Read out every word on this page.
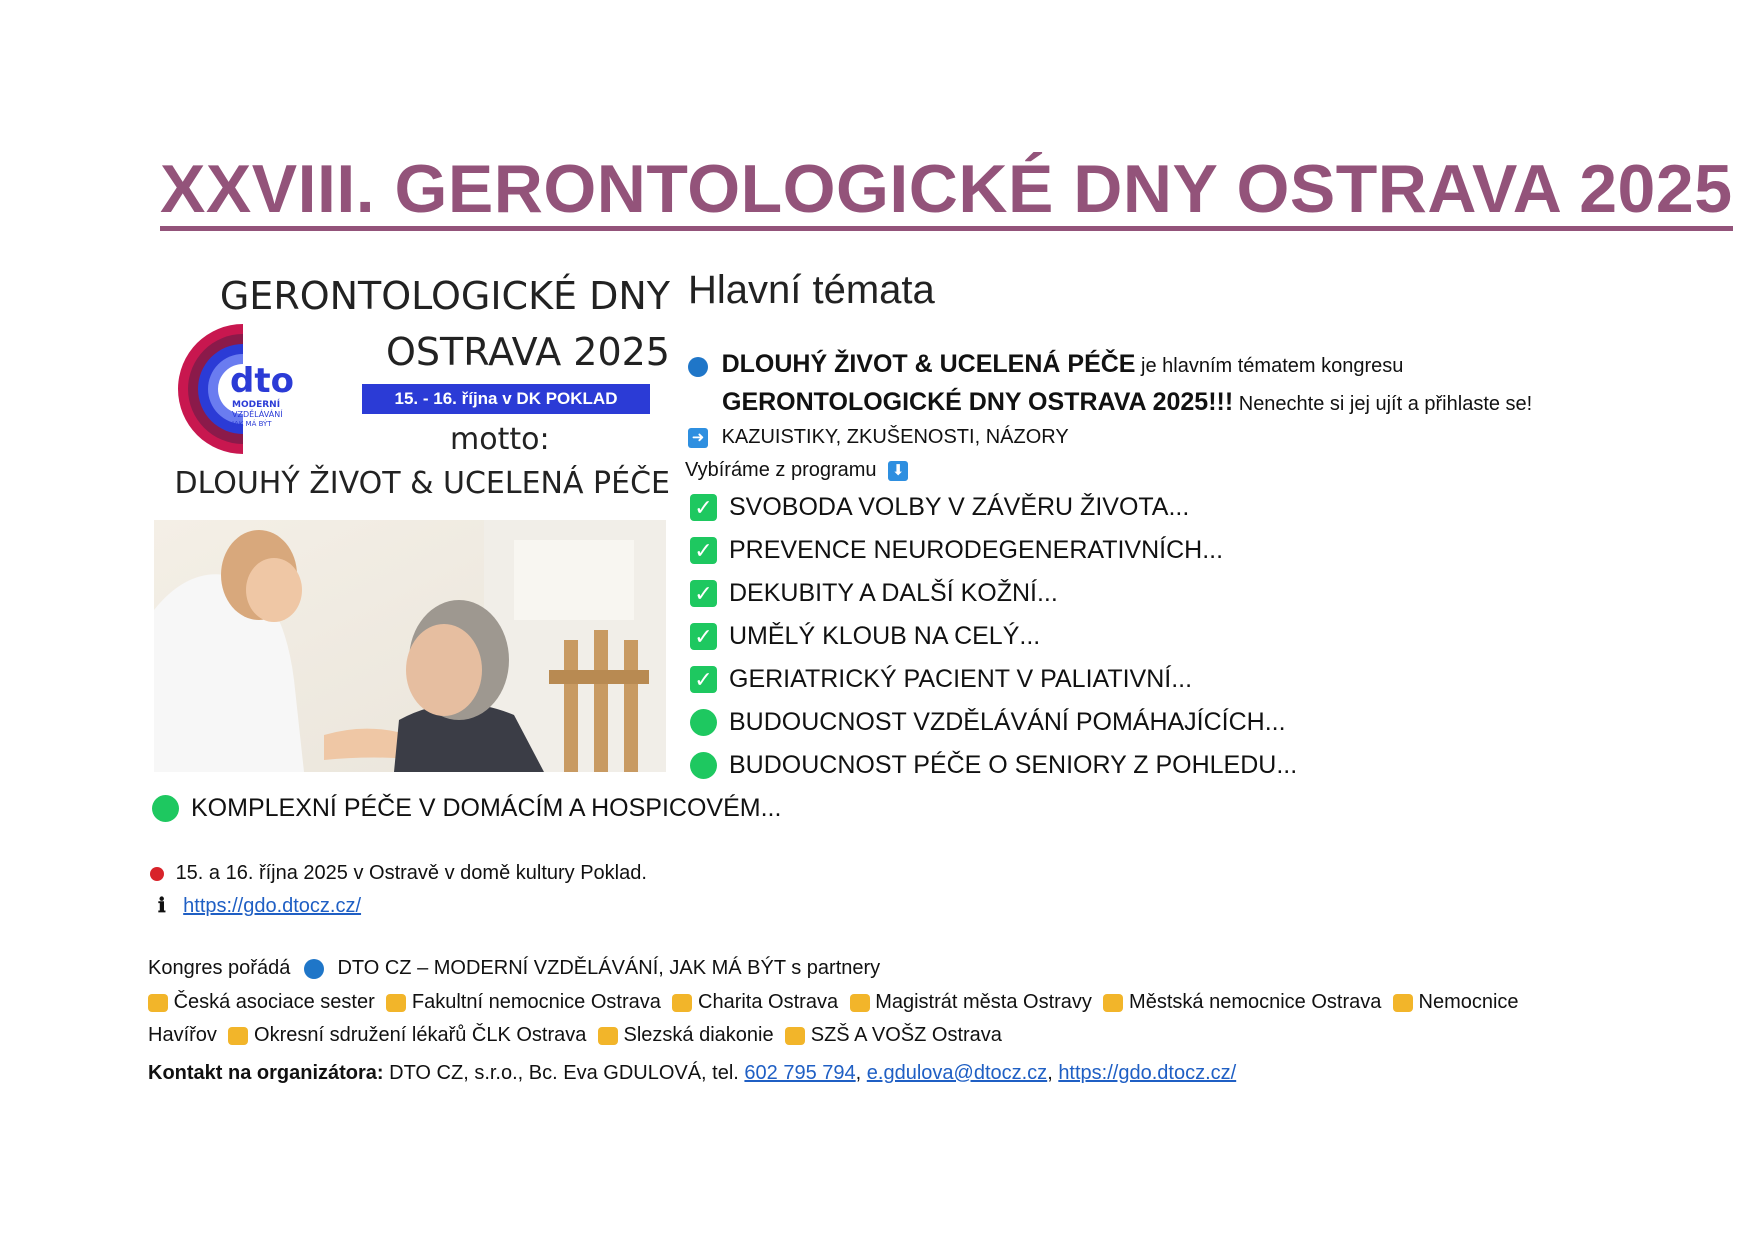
XXVIII. GERONTOLOGICKÉ DNY OSTRAVA 2025
GERONTOLOGICKÉ DNY
OSTRAVA 2025
dto
MODERNÍ
VZDĚLÁVÁNÍ
JAK MÁ BÝT
15. - 16. října v DK POKLAD
motto:
DLOUHÝ ŽIVOT & UCELENÁ PÉČE
Hlavní témata
DLOUHÝ ŽIVOT & UCELENÁ PÉČE je hlavním tématem kongresu
GERONTOLOGICKÉ DNY OSTRAVA 2025!!! Nenechte si jej ujít a přihlaste se!
➜ KAZUISTIKY, ZKUŠENOSTI, NÁZORY
Vybíráme z programu ⬇
✓ SVOBODA VOLBY V ZÁVĚRU ŽIVOTA...
✓ PREVENCE NEURODEGENERATIVNÍCH...
✓ DEKUBITY A DALŠÍ KOŽNÍ...
✓ UMĚLÝ KLOUB NA CELÝ...
✓ GERIATRICKÝ PACIENT V PALIATIVNÍ...
BUDOUCNOST VZDĚLÁVÁNÍ POMÁHAJÍCÍCH...
BUDOUCNOST PÉČE O SENIORY Z POHLEDU...
KOMPLEXNÍ PÉČE V DOMÁCÍM A HOSPICOVÉM...
15. a 16. října 2025 v Ostravě v domě kultury Poklad.
ℹ https://gdo.dtocz.cz/
Kongres pořádá DTO CZ – MODERNÍ VZDĚLÁVÁNÍ, JAK MÁ BÝT s partnery
Česká asociace sester Fakultní nemocnice Ostrava Charita Ostrava Magistrát města Ostravy Městská nemocnice Ostrava Nemocnice
Havířov Okresní sdružení lékařů ČLK Ostrava Slezská diakonie SZŠ A VOŠZ Ostrava
Kontakt na organizátora: DTO CZ, s.r.o., Bc. Eva GDULOVÁ, tel. 602 795 794, e.gdulova@dtocz.cz, https://gdo.dtocz.cz/
